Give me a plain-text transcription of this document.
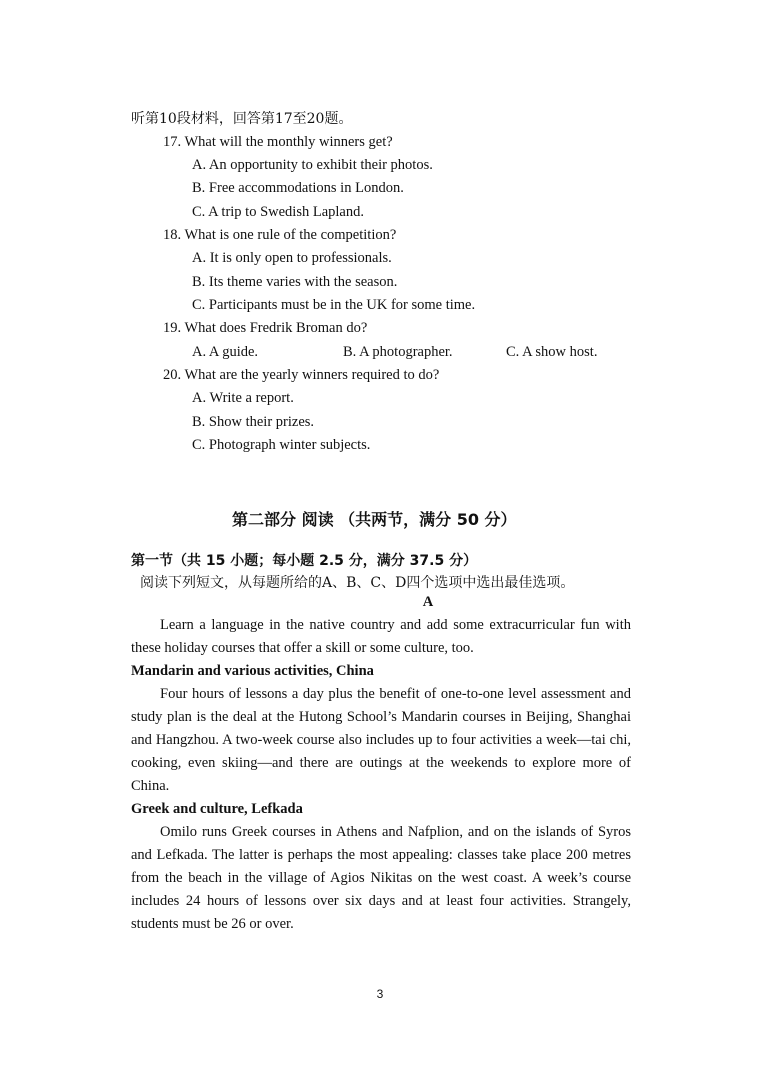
听第10段材料，回答第17至20题。
17. What will the monthly winners get?
A. An opportunity to exhibit their photos.
B. Free accommodations in London.
C. A trip to Swedish Lapland.
18. What is one rule of the competition?
A. It is only open to professionals.
B. Its theme varies with the season.
C. Participants must be in the UK for some time.
19. What does Fredrik Broman do?
A. A guide.	B. A photographer.	C. A show host.
20. What are the yearly winners required to do?
A. Write a report.
B. Show their prizes.
C. Photograph winter subjects.
第二部分 阅读 （共两节，满分 50 分）
第一节（共 15 小题；每小题 2.5 分，满分 37.5 分）
阅读下列短文，从每题所给的A、B、C、D四个选项中选出最佳选项。
A

Learn a language in the native country and add some extracurricular fun with these holiday courses that offer a skill or some culture, too.

Mandarin and various activities, China

Four hours of lessons a day plus the benefit of one-to-one level assessment and study plan is the deal at the Hutong School’s Mandarin courses in Beijing, Shanghai and Hangzhou. A two-week course also includes up to four activities a week—tai chi, cooking, even skiing—and there are outings at the weekends to explore more of China.

Greek and culture, Lefkada

Omilo runs Greek courses in Athens and Nafplion, and on the islands of Syros and Lefkada. The latter is perhaps the most appealing: classes take place 200 metres from the beach in the village of Agios Nikitas on the west coast. A week’s course includes 24 hours of lessons over six days and at least four activities. Strangely, students must be 26 or over.

3
